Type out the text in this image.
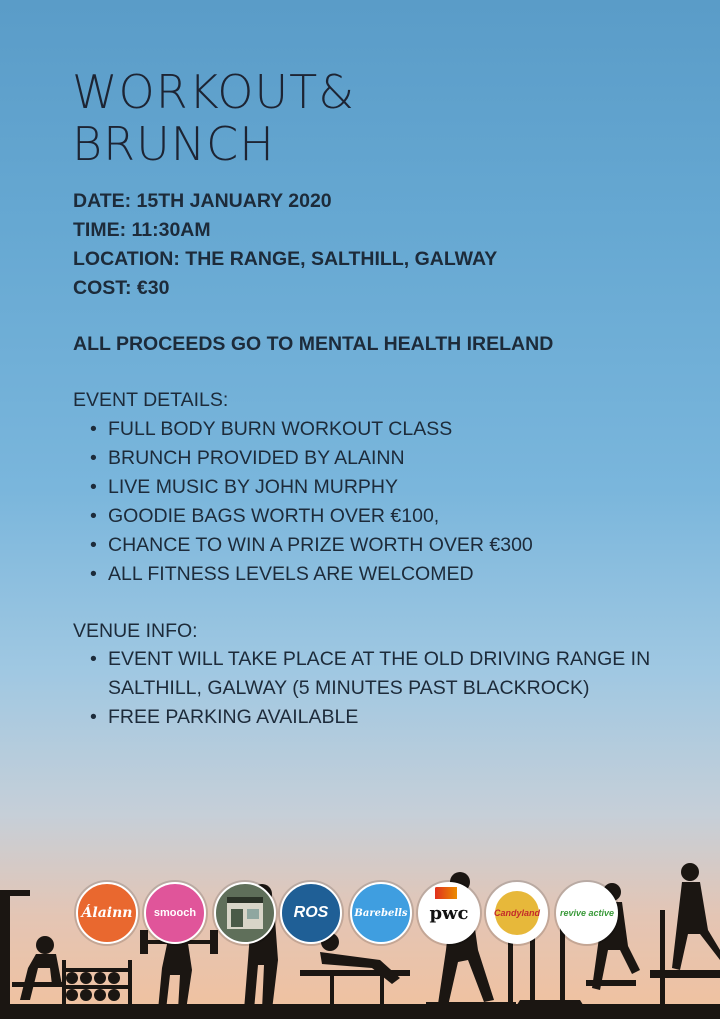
WORKOUT&
BRUNCH
DATE: 15TH JANUARY 2020
TIME: 11:30AM
LOCATION: THE RANGE, SALTHILL, GALWAY
COST: €30
ALL PROCEEDS GO TO MENTAL HEALTH IRELAND
EVENT DETAILS:
• FULL BODY BURN WORKOUT CLASS
• BRUNCH PROVIDED BY ALAINN
• LIVE MUSIC BY JOHN MURPHY
• GOODIE BAGS WORTH OVER €100,
• CHANCE TO WIN A PRIZE WORTH OVER €300
• ALL FITNESS LEVELS ARE WELCOMED
VENUE INFO:
• EVENT WILL TAKE PLACE AT THE OLD DRIVING RANGE IN SALTHILL, GALWAY (5 MINUTES PAST BLACKROCK)
• FREE PARKING AVAILABLE
Álainn smooch	ROS	Barebells pwc	Candyland revive active
